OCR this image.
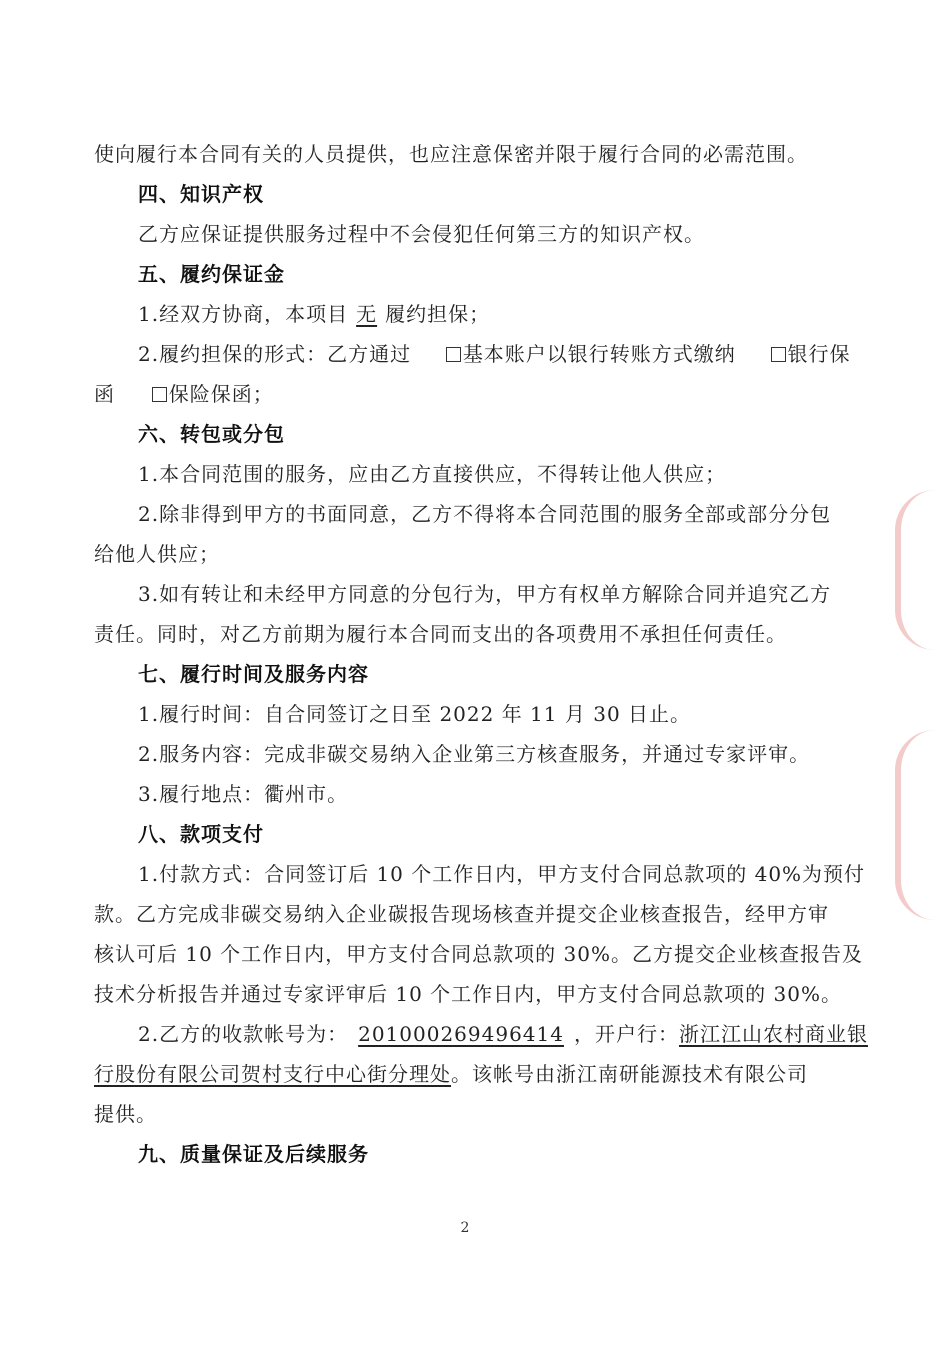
使向履行本合同有关的人员提供，也应注意保密并限于履行合同的必需范围。
四、知识产权
乙方应保证提供服务过程中不会侵犯任何第三方的知识产权。
五、履约保证金
1.经双方协商，本项目 无 履约担保；
2.履约担保的形式：乙方通过	基本账户以银行转账方式缴纳	银行保
函	保险保函；
六、转包或分包
1.本合同范围的服务，应由乙方直接供应，不得转让他人供应；
2.除非得到甲方的书面同意，乙方不得将本合同范围的服务全部或部分分包
给他人供应；
3.如有转让和未经甲方同意的分包行为，甲方有权单方解除合同并追究乙方
责任。同时，对乙方前期为履行本合同而支出的各项费用不承担任何责任。
七、履行时间及服务内容
1.履行时间：自合同签订之日至 2022 年 11 月 30 日止。
2.服务内容：完成非碳交易纳入企业第三方核查服务，并通过专家评审。
3.履行地点：衢州市。
八、款项支付
1.付款方式：合同签订后 10 个工作日内，甲方支付合同总款项的 40%为预付
款。乙方完成非碳交易纳入企业碳报告现场核查并提交企业核查报告，经甲方审
核认可后 10 个工作日内，甲方支付合同总款项的 30%。乙方提交企业核查报告及
技术分析报告并通过专家评审后 10 个工作日内，甲方支付合同总款项的 30%。
2.乙方的收款帐号为： 201000269496414 ，开户行：浙江江山农村商业银
行股份有限公司贺村支行中心街分理处。该帐号由浙江南研能源技术有限公司
提供。
九、质量保证及后续服务
2
